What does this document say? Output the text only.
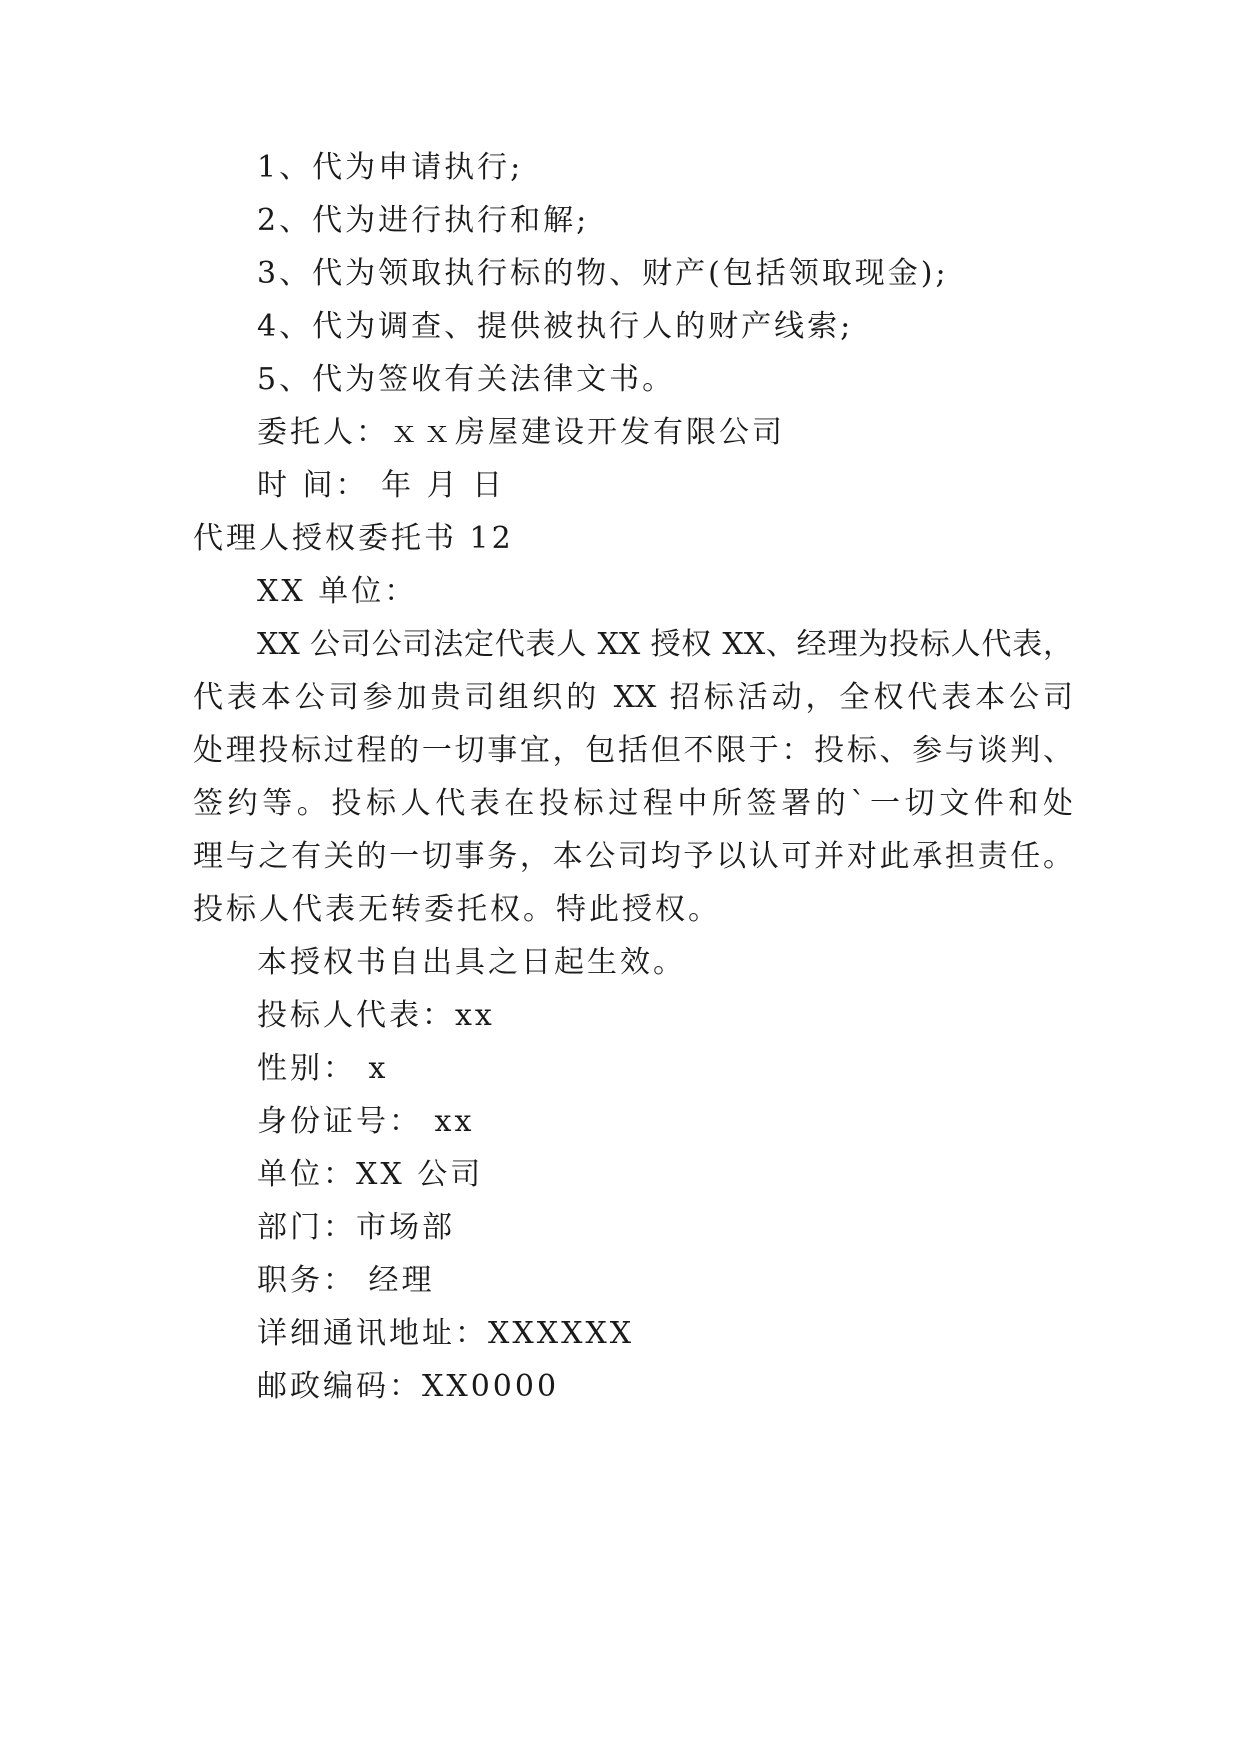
1、代为申请执行;
2、代为进行执行和解;
3、代为领取执行标的物、财产(包括领取现金);
4、代为调查、提供被执行人的财产线索;
5、代为签收有关法律文书。
委托人：ｘｘ房屋建设开发有限公司
时 间： 年 月 日
代理人授权委托书 12
XX 单位：
XX 公司公司法定代表人 XX 授权 XX、经理为投标人代表，
代表本公司参加贵司组织的 XX 招标活动，全权代表本公司
处理投标过程的一切事宜，包括但不限于：投标、参与谈判、
签约等。投标人代表在投标过程中所签署的`一切文件和处
理与之有关的一切事务，本公司均予以认可并对此承担责任。
投标人代表无转委托权。特此授权。
本授权书自出具之日起生效。
投标人代表：xx
性别： x
身份证号： xx
单位：XX 公司
部门：市场部
职务： 经理
详细通讯地址：XXXXXX
邮政编码：XX0000
